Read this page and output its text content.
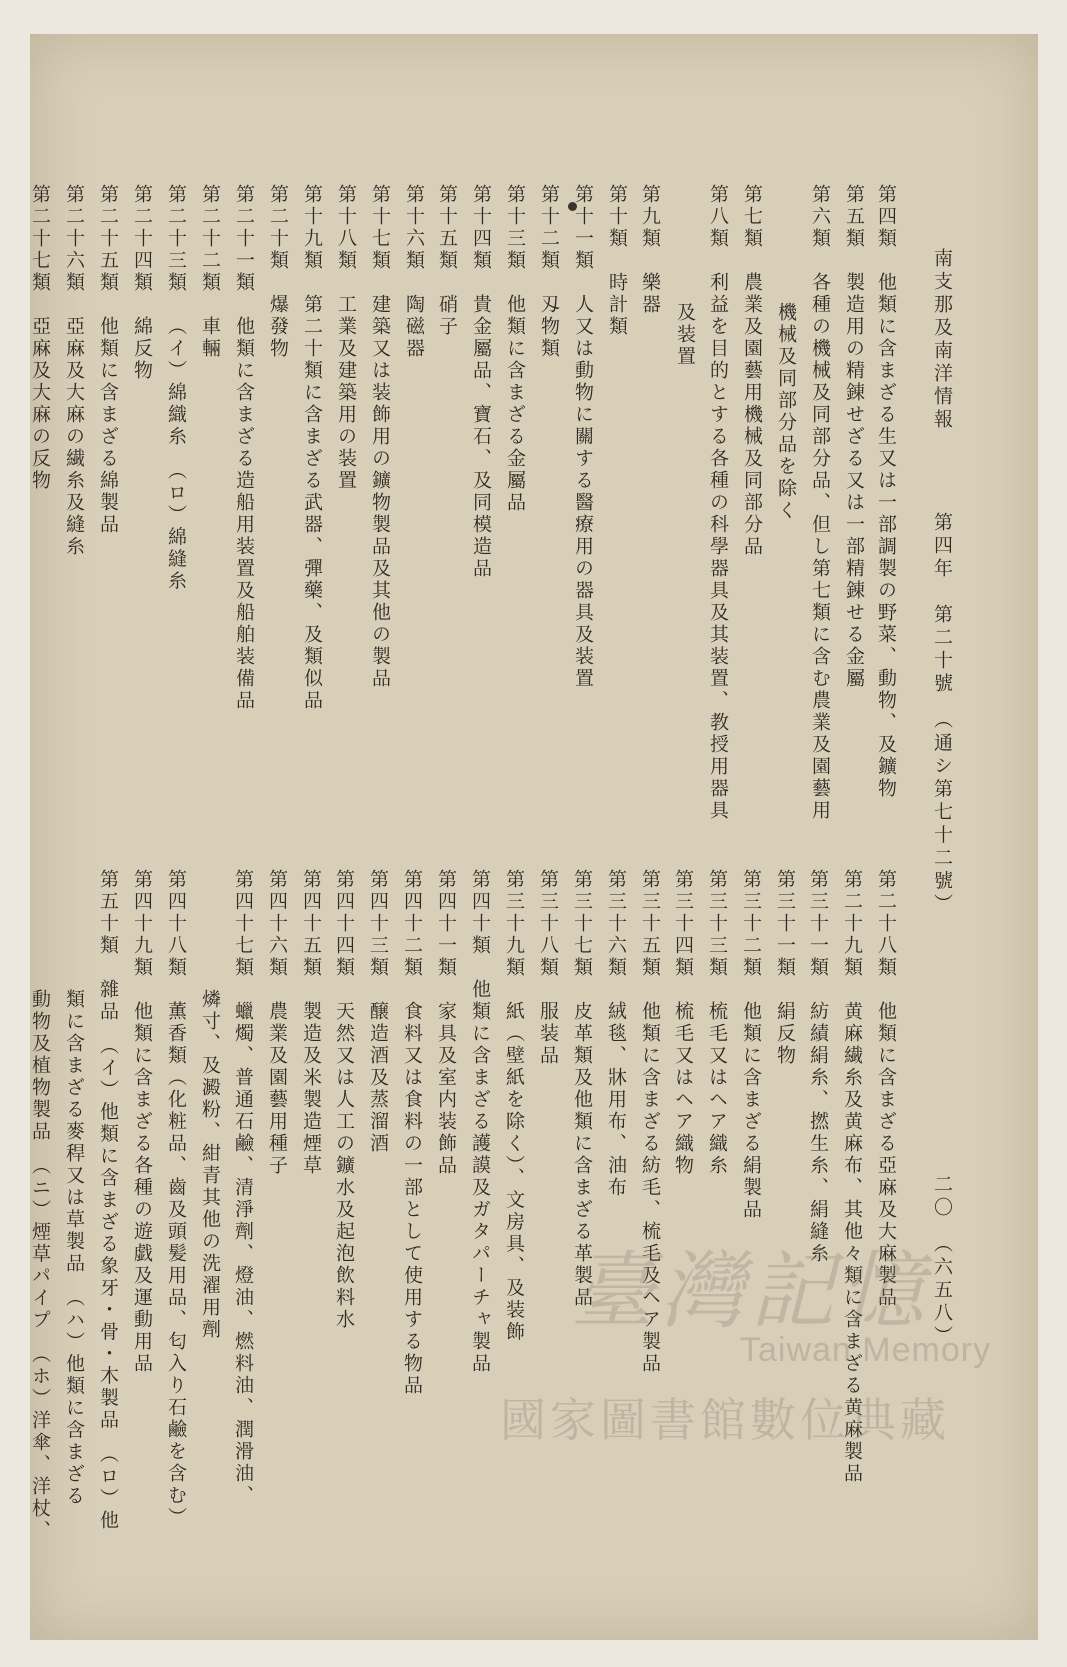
南支那及南洋情報
第四年　第二十號　（通シ第七十二號）
二〇　（六五八）
第四類他類に含まざる生又は一部調製の野菜、動物、及鑛物
第五類製造用の精錬せざる又は一部精錬せる金屬
第六類各種の機械及同部分品、但し第七類に含む農業及園藝用
機械及同部分品を除く
第七類農業及園藝用機械及同部分品
第八類利益を目的とする各種の科學器具及其装置、教授用器具
及装置
第九類樂器
第十類時計類
第十一類人又は動物に關する醫療用の器具及装置
第十二類刄物類
第十三類他類に含まざる金屬品
第十四類貴金屬品、寶石、及同模造品
第十五類硝子
第十六類陶磁器
第十七類建築又は装飾用の鑛物製品及其他の製品
第十八類工業及建築用の装置
第十九類第二十類に含まざる武器、彈藥、及類似品
第二十類爆發物
第二十一類他類に含まざる造船用装置及船舶装備品
第二十二類車輛
第二十三類（イ）綿織糸　（ロ）綿縫糸
第二十四類綿反物
第二十五類他類に含まざる綿製品
第二十六類亞麻及大麻の繊糸及縫糸
第二十七類亞麻及大麻の反物
第二十八類他類に含まざる亞麻及大麻製品
第二十九類黄麻繊糸及黄麻布、其他々類に含まざる黄麻製品
第三十一類紡績絹糸、撚生糸、絹縫糸
第三十一類絹反物
第三十二類他類に含まざる絹製品
第三十三類梳毛又はヘア織糸
第三十四類梳毛又はヘア織物
第三十五類他類に含まざる紡毛、梳毛及ヘア製品
第三十六類絨毯、牀用布、油布
第三十七類皮革類及他類に含まざる革製品
第三十八類服装品
第三十九類紙（壁紙を除く）、文房具、及装飾
第四十類他類に含まざる護謨及ガタパーチャ製品
第四十一類家具及室内装飾品
第四十二類食料又は食料の一部として使用する物品
第四十三類醸造酒及蒸溜酒
第四十四類天然又は人工の鑛水及起泡飲料水
第四十五類製造及米製造煙草
第四十六類農業及園藝用種子
第四十七類蠟燭、普通石鹼、清淨劑、燈油、燃料油、潤滑油、
燐寸、及澱粉、紺青其他の洗濯用劑
第四十八類薫香類（化粧品、齒及頭髪用品、匂入り石鹼を含む）
第四十九類他類に含まざる各種の遊戯及運動用品
第五十類雜品　（イ）他類に含まざる象牙・骨・木製品　（ロ）他
類に含まざる麥稈又は草製品　（ハ）他類に含まざる
動物及植物製品　（ニ）煙草パイプ　（ホ）洋傘、洋杖、	臺灣記憶
Taiwan Memory
國家圖書館數位典藏
